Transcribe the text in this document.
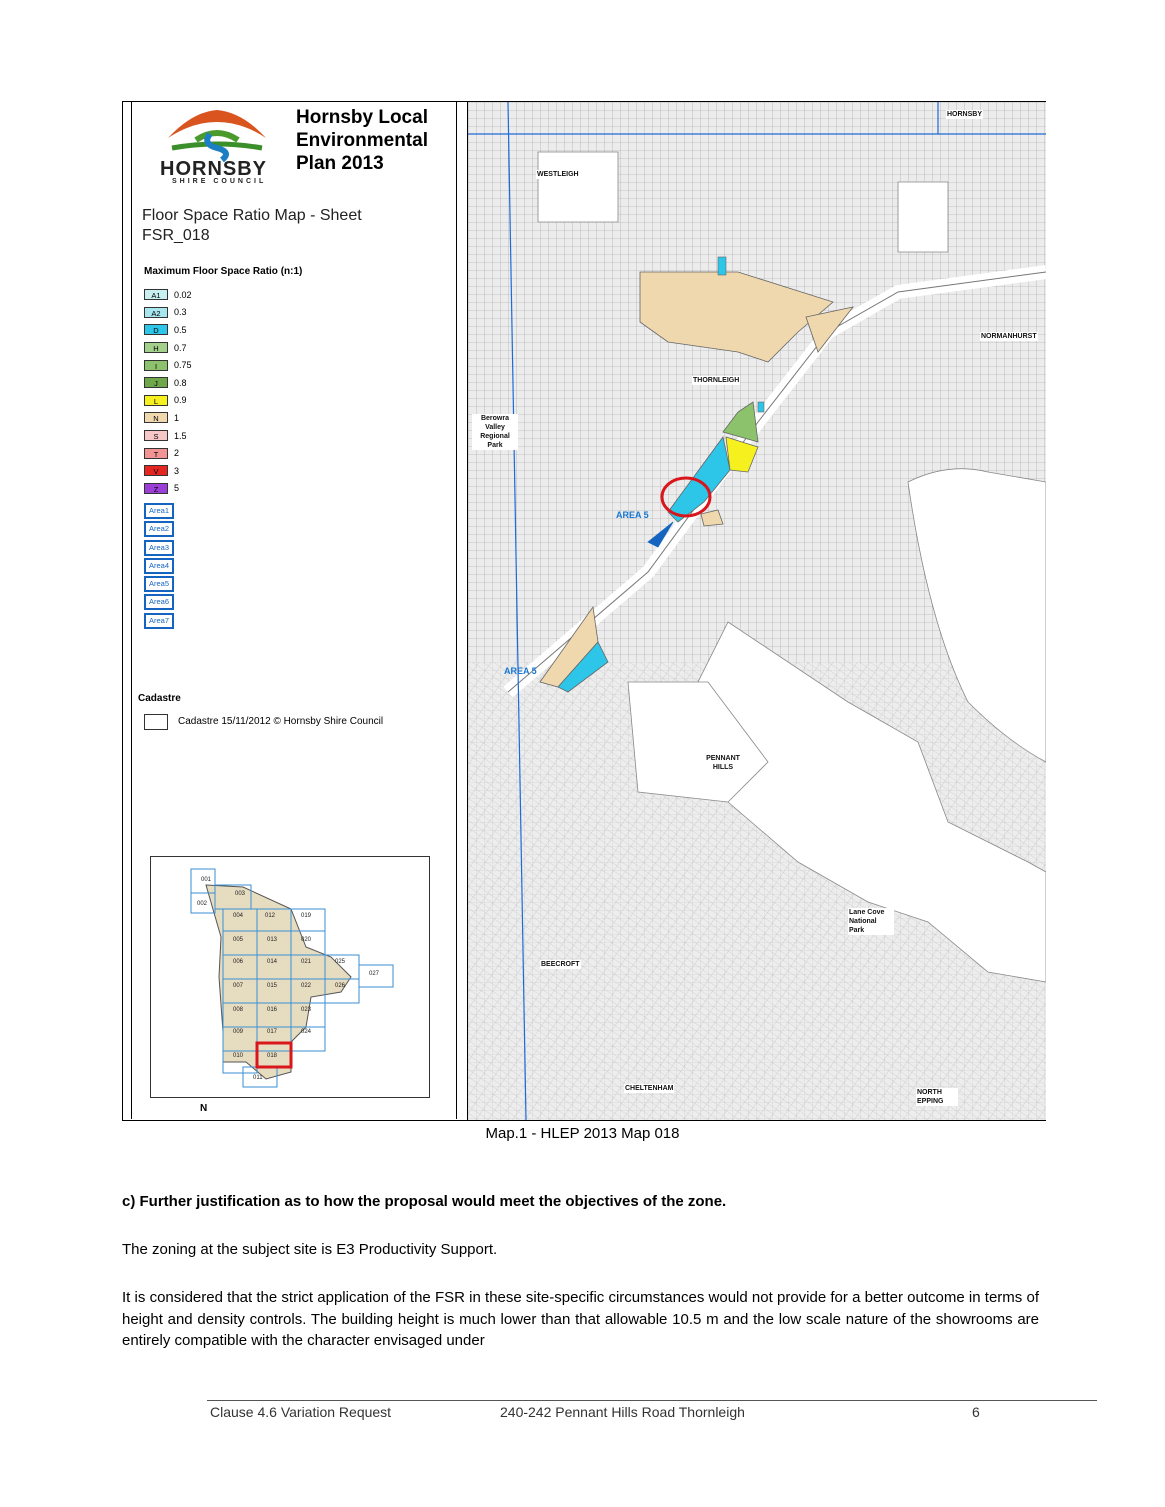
Hornsby Local
Environmental
Plan 2013
HORNSBY
SHIRE COUNCIL
Floor Space Ratio Map - Sheet
FSR_018
Maximum Floor Space Ratio (n:1)
A1	0.02
A2	0.3
D	0.5
H	0.7
I	0.75
J	0.8
L	0.9
N	1
S	1.5
T	2
V	3
Z	5
Area1
Area2
Area3
Area4
Area5
Area6
Area7
Cadastre
Cadastre 15/11/2012 © Hornsby Shire Council
001
002
003
004
005
006
007
008
009
010
011
012
013
014
015
016
017
018
019
020
021
022
023
024
025
026
027
N
HORNSBY
WESTLEIGH
THORNLEIGH
NORMANHURST
Berowra Valley Regional Park
PENNANT HILLS
Lane Cove National Park
BEECROFT
CHELTENHAM
NORTH EPPING
AREA 5
AREA 5
Map.1 - HLEP 2013 Map 018
c) Further justification as to how the proposal would meet the objectives of the zone.
The zoning at the subject site is E3 Productivity Support.
It is considered that the strict application of the FSR in these site-specific circumstances would not provide for a better outcome in terms of height and density controls. The building height is much lower than that allowable 10.5 m and the low scale nature of the showrooms are entirely compatible with the character envisaged under
Clause 4.6 Variation Request	240-242 Pennant Hills Road Thornleigh	6
